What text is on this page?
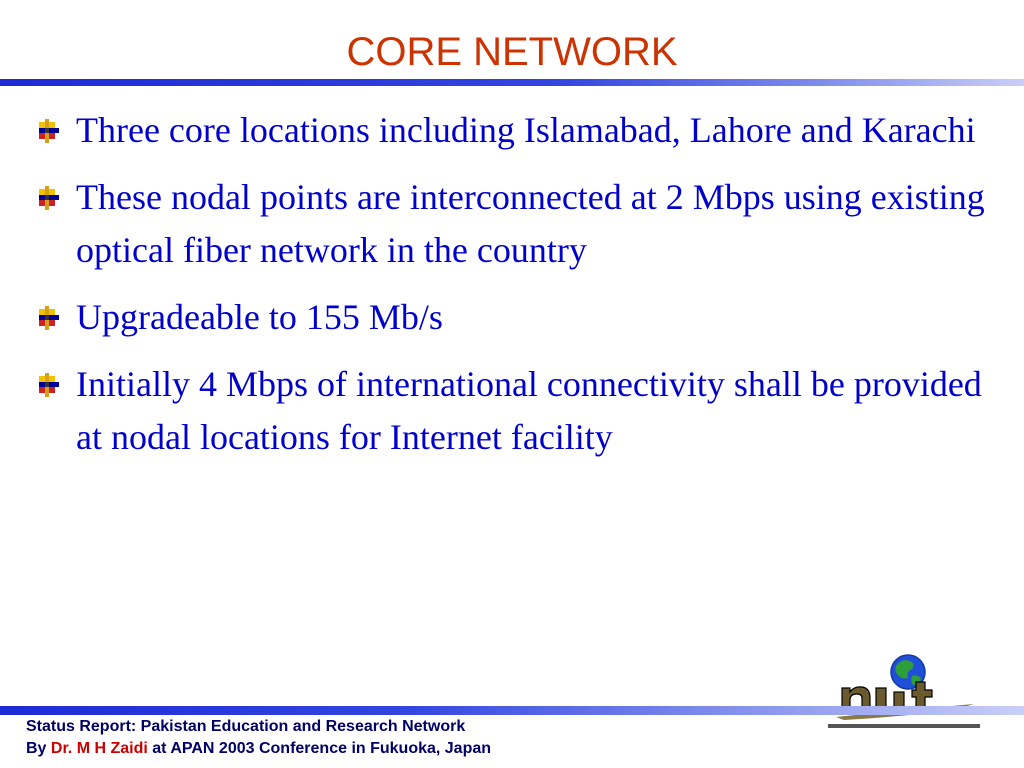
CORE NETWORK
Three core locations including Islamabad, Lahore and Karachi
These nodal points are interconnected at 2 Mbps using existing optical fiber network in the country
Upgradeable to 155 Mb/s
Initially 4 Mbps of international connectivity shall be provided at nodal locations for Internet facility
Status Report: Pakistan Education and Research Network
By Dr. M H Zaidi at APAN 2003 Conference in Fukuoka, Japan
